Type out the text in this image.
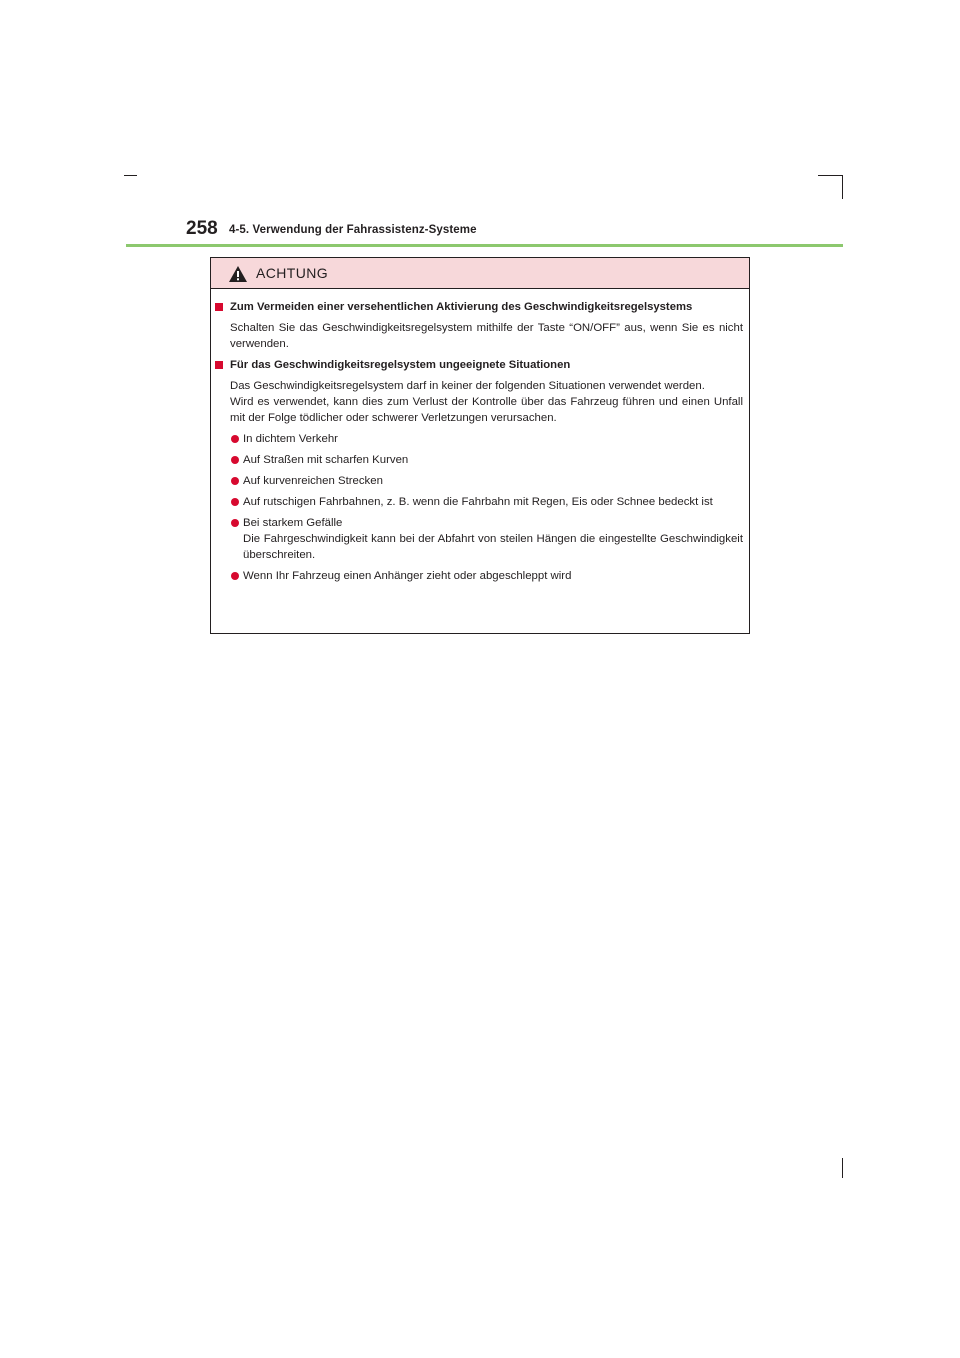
258 4-5. Verwendung der Fahrassistenz-Systeme
ACHTUNG
Zum Vermeiden einer versehentlichen Aktivierung des Geschwindigkeitsregelsystems
Schalten Sie das Geschwindigkeitsregelsystem mithilfe der Taste “ON/OFF” aus, wenn Sie es nicht verwenden.
Für das Geschwindigkeitsregelsystem ungeeignete Situationen
Das Geschwindigkeitsregelsystem darf in keiner der folgenden Situationen verwendet werden.
Wird es verwendet, kann dies zum Verlust der Kontrolle über das Fahrzeug führen und einen Unfall mit der Folge tödlicher oder schwerer Verletzungen verursachen.
In dichtem Verkehr
Auf Straßen mit scharfen Kurven
Auf kurvenreichen Strecken
Auf rutschigen Fahrbahnen, z. B. wenn die Fahrbahn mit Regen, Eis oder Schnee bedeckt ist
Bei starkem Gefälle
Die Fahrgeschwindigkeit kann bei der Abfahrt von steilen Hängen die eingestellte Geschwindigkeit überschreiten.
Wenn Ihr Fahrzeug einen Anhänger zieht oder abgeschleppt wird
